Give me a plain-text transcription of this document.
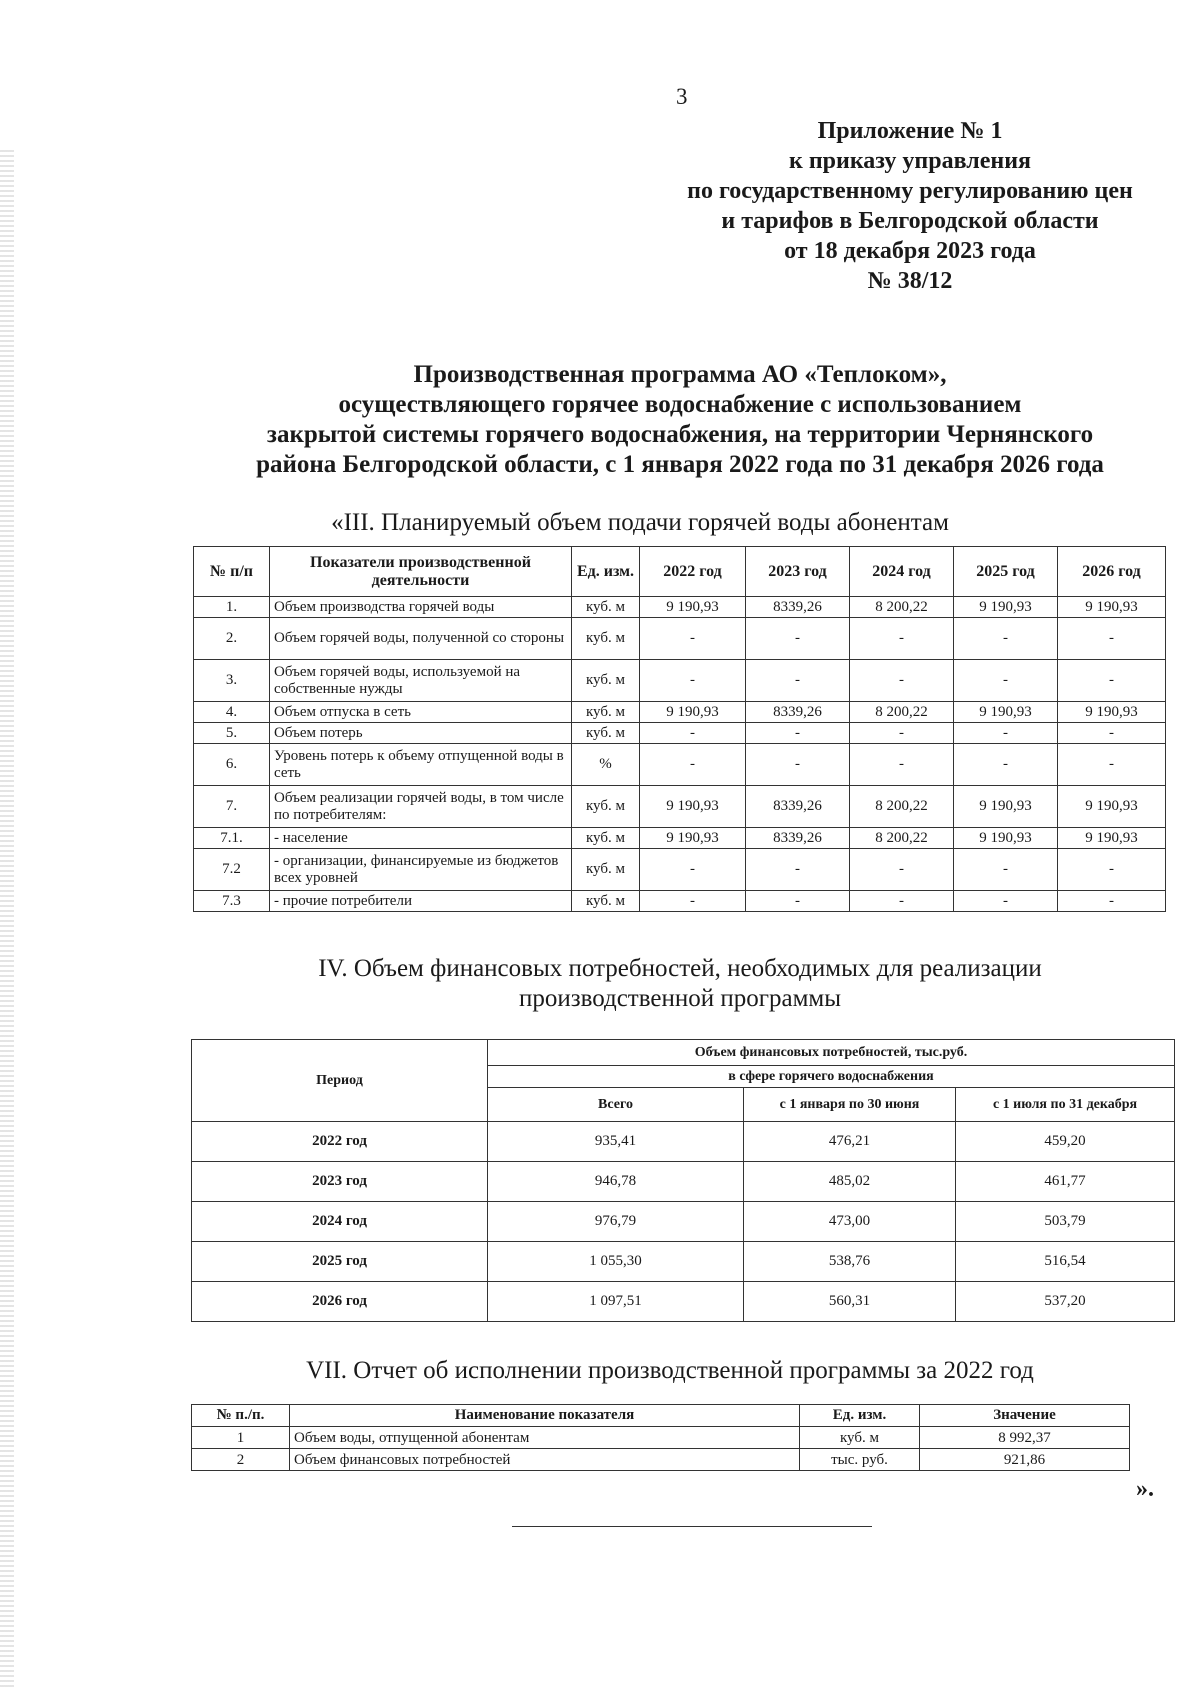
3
Приложение № 1
к приказу управления
по государственному регулированию цен
и тарифов в Белгородской области
от 18 декабря 2023 года
№ 38/12
Производственная программа АО «Теплоком»,
осуществляющего горячее водоснабжение с использованием
закрытой системы горячего водоснабжения, на территории Чернянского
района Белгородской области, с 1 января 2022 года по 31 декабря 2026 года
«III. Планируемый объем подачи горячей воды абонентам
№ п/п	Показатели производственной деятельности	Ед. изм.	2022 год	2023 год	2024 год	2025 год	2026 год
1.	Объем производства горячей воды	куб. м	9 190,93	8339,26	8 200,22	9 190,93	9 190,93
2.	Объем горячей воды, полученной со стороны	куб. м	-	-	-	-	-
3.	Объем горячей воды, используемой на собственные нужды	куб. м	-	-	-	-	-
4.	Объем отпуска в сеть	куб. м	9 190,93	8339,26	8 200,22	9 190,93	9 190,93
5.	Объем потерь	куб. м	-	-	-	-	-
6.	Уровень потерь к объему отпущенной воды в сеть	%	-	-	-	-	-
7.	Объем реализации горячей воды, в том числе по потребителям:	куб. м	9 190,93	8339,26	8 200,22	9 190,93	9 190,93
7.1.	- население	куб. м	9 190,93	8339,26	8 200,22	9 190,93	9 190,93
7.2	- организации, финансируемые из бюджетов всех уровней	куб. м	-	-	-	-	-
7.3	- прочие потребители	куб. м	-	-	-	-	-
IV. Объем финансовых потребностей, необходимых для реализации
производственной программы
Период	Объем финансовых потребностей, тыс.руб.		
	в сфере горячего водоснабжения		
	Всего	с 1 января по 30 июня	с 1 июля по 31 декабря
2022 год	935,41	476,21	459,20
2023 год	946,78	485,02	461,77
2024 год	976,79	473,00	503,79
2025 год	1 055,30	538,76	516,54
2026 год	1 097,51	560,31	537,20
VII. Отчет об исполнении производственной программы за 2022 год
№ п./п.	Наименование показателя	Ед. изм.	Значение
1	Объем воды, отпущенной абонентам	куб. м	8 992,37
2	Объем финансовых потребностей	тыс. руб.	921,86
».
